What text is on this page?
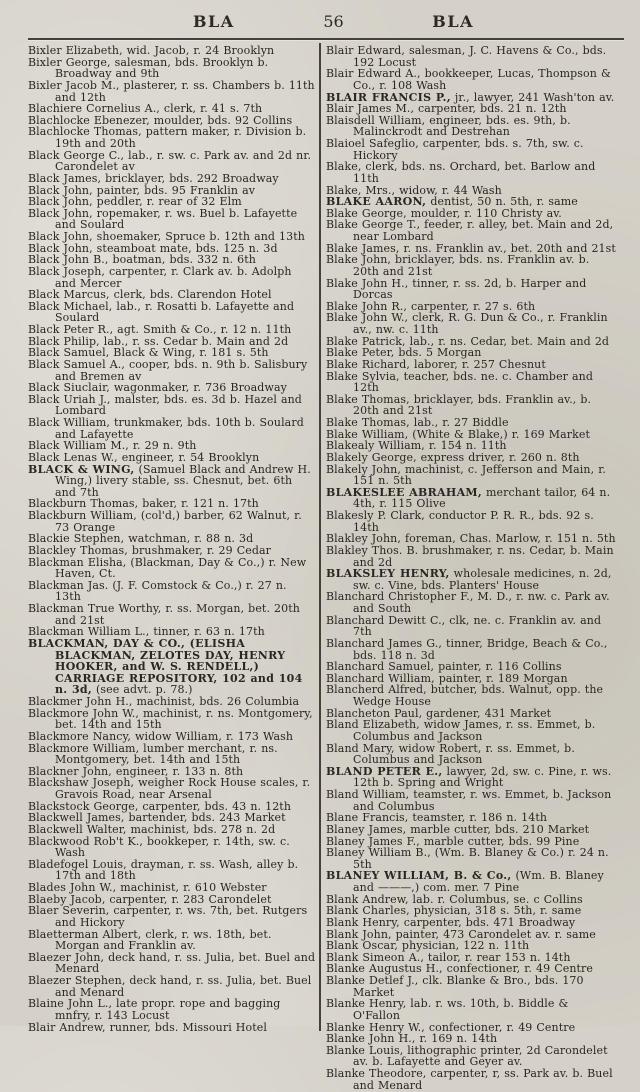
BLA	56	BLA

Bixler Elizabeth, wid. Jacob, r. 24 Brooklyn

Bixler George, salesman, bds. Brooklyn b. Broadway and 9th

Bixler Jacob M., plasterer, r. ss. Chambers b. 11th and 12th

Blachiere Cornelius A., clerk, r. 41 s. 7th

Blachlocke Ebenezer, moulder, bds. 92 Collins

Blachlocke Thomas, pattern maker, r. Division b. 19th and 20th

Black George C., lab., r. sw. c. Park av. and 2d nr. Carondelet av

Black James, bricklayer, bds. 292 Broadway

Black John, painter, bds. 95 Franklin av

Black John, peddler, r. rear of 32 Elm

Black John, ropemaker, r. ws. Buel b. Lafayette and Soulard

Black John, shoemaker, Spruce b. 12th and 13th

Black John, steamboat mate, bds. 125 n. 3d

Black John B., boatman, bds. 332 n. 6th

Black Joseph, carpenter, r. Clark av. b. Adolph and Mercer

Black Marcus, clerk, bds. Clarendon Hotel

Black Michael, lab., r. Rosatti b. Lafayette and Soulard

Black Peter R., agt. Smith & Co., r. 12 n. 11th

Black Philip, lab., r. ss. Cedar b. Main and 2d

Black Samuel, Black & Wing, r. 181 s. 5th

Black Samuel A., cooper, bds. n. 9th b. Salisbury and Bremen av

Black Siuclair, wagonmaker, r. 736 Broadway

Black Uriah J., malster, bds. es. 3d b. Hazel and Lombard

Black William, trunkmaker, bds. 10th b. Soulard and Lafayette

Black William M., r. 29 n. 9th

Black Lenas W., engineer, r. 54 Brooklyn

BLACK & WING, (Samuel Black and Andrew H. Wing,) livery stable, ss. Chesnut, bet. 6th and 7th

Blackburn Thomas, baker, r. 121 n. 17th

Blackburn William, (col'd,) barber, 62 Walnut, r. 73 Orange

Blackie Stephen, watchman, r. 88 n. 3d

Blackley Thomas, brushmaker, r. 29 Cedar

Blackman Elisha, (Blackman, Day & Co.,) r. New Haven, Ct.

Blackman Jas. (J. F. Comstock & Co.,) r. 27 n. 13th

Blackman True Worthy, r. ss. Morgan, bet. 20th and 21st

Blackman William L., tinner, r. 63 n. 17th

BLACKMAN, DAY & CO., (ELISHA BLACKMAN, ZELOTES DAY, HENRY HOOKER, and W. S. RENDELL,) CARRIAGE REPOSITORY, 102 and 104 n. 3d, (see advt. p. 78.)

Blackmer John H., machinist, bds. 26 Columbia

Blackmore John W., machinist, r. ns. Montgomery, bet. 14th and 15th

Blackmore Nancy, widow William, r. 173 Wash

Blackmore William, lumber merchant, r. ns. Montgomery, bet. 14th and 15th

Blackner John, engineer, r. 133 n. 8th

Blackshaw Joseph, weigher Rock House scales, r. Gravois Road, near Arsenal

Blackstock George, carpenter, bds. 43 n. 12th

Blackwell James, bartender, bds. 243 Market

Blackwell Walter, machinist, bds. 278 n. 2d

Blackwood Rob't K., bookkeper, r. 14th, sw. c. Wash

Bladefogel Louis, drayman, r. ss. Wash, alley b. 17th and 18th

Blades John W., machinist, r. 610 Webster

Blaeby Jacob, carpenter, r. 283 Carondelet

Blaer Severin, carpenter, r. ws. 7th, bet. Rutgers and Hickory

Blaetterman Albert, clerk, r. ws. 18th, bet. Morgan and Franklin av.

Blaezer John, deck hand, r. ss. Julia, bet. Buel and Menard

Blaezer Stephen, deck hand, r. ss. Julia, bet. Buel and Menard

Blaine John L., late propr. rope and bagging mnfry, r. 143 Locust

Blair Andrew, runner, bds. Missouri Hotel

Blair Edward, salesman, J. C. Havens & Co., bds. 192 Locust

Blair Edward A., bookkeeper, Lucas, Thompson & Co., r. 108 Wash

BLAIR FRANCIS P., jr., lawyer, 241 Wash'ton av.

Blair James M., carpenter, bds. 21 n. 12th

Blaisdell William, engineer, bds. es. 9th, b. Malinckrodt and Destrehan

Blaioel Safeglio, carpenter, bds. s. 7th, sw. c. Hickory

Blake, clerk, bds. ns. Orchard, bet. Barlow and 11th

Blake, Mrs., widow, r. 44 Wash

BLAKE AARON, dentist, 50 n. 5th, r. same

Blake George, moulder, r. 110 Christy av.

Blake George T., feeder, r. alley, bet. Main and 2d, near Lombard

Blake James, r. ns. Franklin av., bet. 20th and 21st

Blake John, bricklayer, bds. ns. Franklin av. b. 20th and 21st

Blake John H., tinner, r. ss. 2d, b. Harper and Dorcas

Blake John R., carpenter, r. 27 s. 6th

Blake John W., clerk, R. G. Dun & Co., r. Franklin av., nw. c. 11th

Blake Patrick, lab., r. ns. Cedar, bet. Main and 2d

Blake Peter, bds. 5 Morgan

Blake Richard, laborer, r. 257 Chesnut

Blake Sylvia, teacher, bds. ne. c. Chamber and 12th

Blake Thomas, bricklayer, bds. Franklin av., b. 20th and 21st

Blake Thomas, lab., r. 27 Biddle

Blake William, (White & Blake,) r. 169 Market

Blakealy William, r. 154 n. 11th

Blakely George, express driver, r. 260 n. 8th

Blakely John, machinist, c. Jefferson and Main, r. 151 n. 5th

BLAKESLEE ABRAHAM, merchant tailor, 64 n. 4th, r. 115 Olive

Blakesly P. Clark, conductor P. R. R., bds. 92 s. 14th

Blakley John, foreman, Chas. Marlow, r. 151 n. 5th

Blakley Thos. B. brushmaker, r. ns. Cedar, b. Main and 2d

BLAKSLEY HENRY, wholesale medicines, n. 2d, sw. c. Vine, bds. Planters' House

Blanchard Christopher F., M. D., r. nw. c. Park av. and South

Blanchard Dewitt C., clk, ne. c. Franklin av. and 7th

Blanchard James G., tinner, Bridge, Beach & Co., bds. 118 n. 3d

Blanchard Samuel, painter, r. 116 Collins

Blanchard William, painter, r. 189 Morgan

Blancherd Alfred, butcher, bds. Walnut, opp. the Wedge House

Blancheton Paul, gardener, 431 Market

Bland Elizabeth, widow James, r. ss. Emmet, b. Columbus and Jackson

Bland Mary, widow Robert, r. ss. Emmet, b. Columbus and Jackson

BLAND PETER E., lawyer, 2d, sw. c. Pine, r. ws. 12th b. Spring and Wright

Bland William, teamster, r. ws. Emmet, b. Jackson and Columbus

Blane Francis, teamster, r. 186 n. 14th

Blaney James, marble cutter, bds. 210 Market

Blaney James F., marble cutter, bds. 99 Pine

Blaney William B., (Wm. B. Blaney & Co.) r. 24 n. 5th

BLANEY WILLIAM, B. & Co., (Wm. B. Blaney and ———,) com. mer. 7 Pine

Blank Andrew, lab. r. Columbus, se. c Collins

Blank Charles, physician, 318 s. 5th, r. same

Blank Henry, carpenter, bds. 471 Broadway

Blank John, painter, 473 Carondelet av. r. same

Blank Oscar, physician, 122 n. 11th

Blank Simeon A., tailor, r. rear 153 n. 14th

Blanke Augustus H., confectioner, r. 49 Centre

Blanke Detlef J., clk. Blanke & Bro., bds. 170 Market

Blanke Henry, lab. r. ws. 10th, b. Biddle & O'Fallon

Blanke Henry W., confectioner, r. 49 Centre

Blanke John H., r. 169 n. 14th

Blanke Louis, lithographic printer, 2d Carondelet av. b. Lafayette and Geyer av.

Blanke Theodore, carpenter, r, ss. Park av. b. Buel and Menard
